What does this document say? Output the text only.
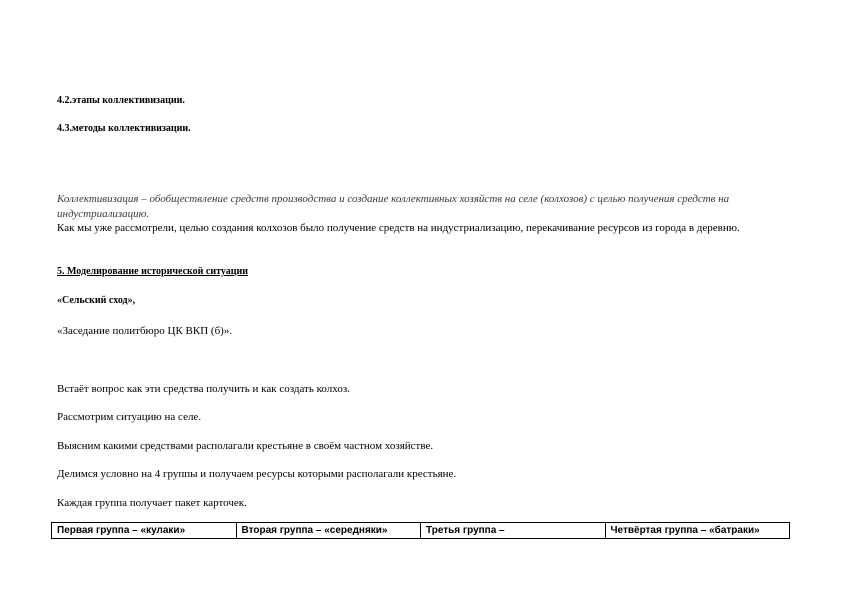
4.2.этапы коллективизации.
4.3.методы коллективизации.
Коллективизация – обобществление средств производства и создание коллективных хозяйств на селе (колхозов) с целью получения средств на индустриализацию.
Как мы уже рассмотрели, целью создания колхозов было получение средств на индустриализацию, перекачивание ресурсов из города в деревню.
5. Моделирование исторической ситуации
«Сельский сход»,
«Заседание политбюро ЦК ВКП (б)».
Встаёт вопрос как эти средства получить и как создать колхоз.
Рассмотрим ситуацию на селе.
Выясним какими средствами располагали крестьяне в своём частном хозяйстве.
Делимся условно на 4 группы и получаем ресурсы которыми располагали крестьяне.
Каждая группа получает пакет карточек.
Первая группа – «кулаки»	Вторая группа – «середняки»	Третья группа –	Четвёртая группа – «батраки»
